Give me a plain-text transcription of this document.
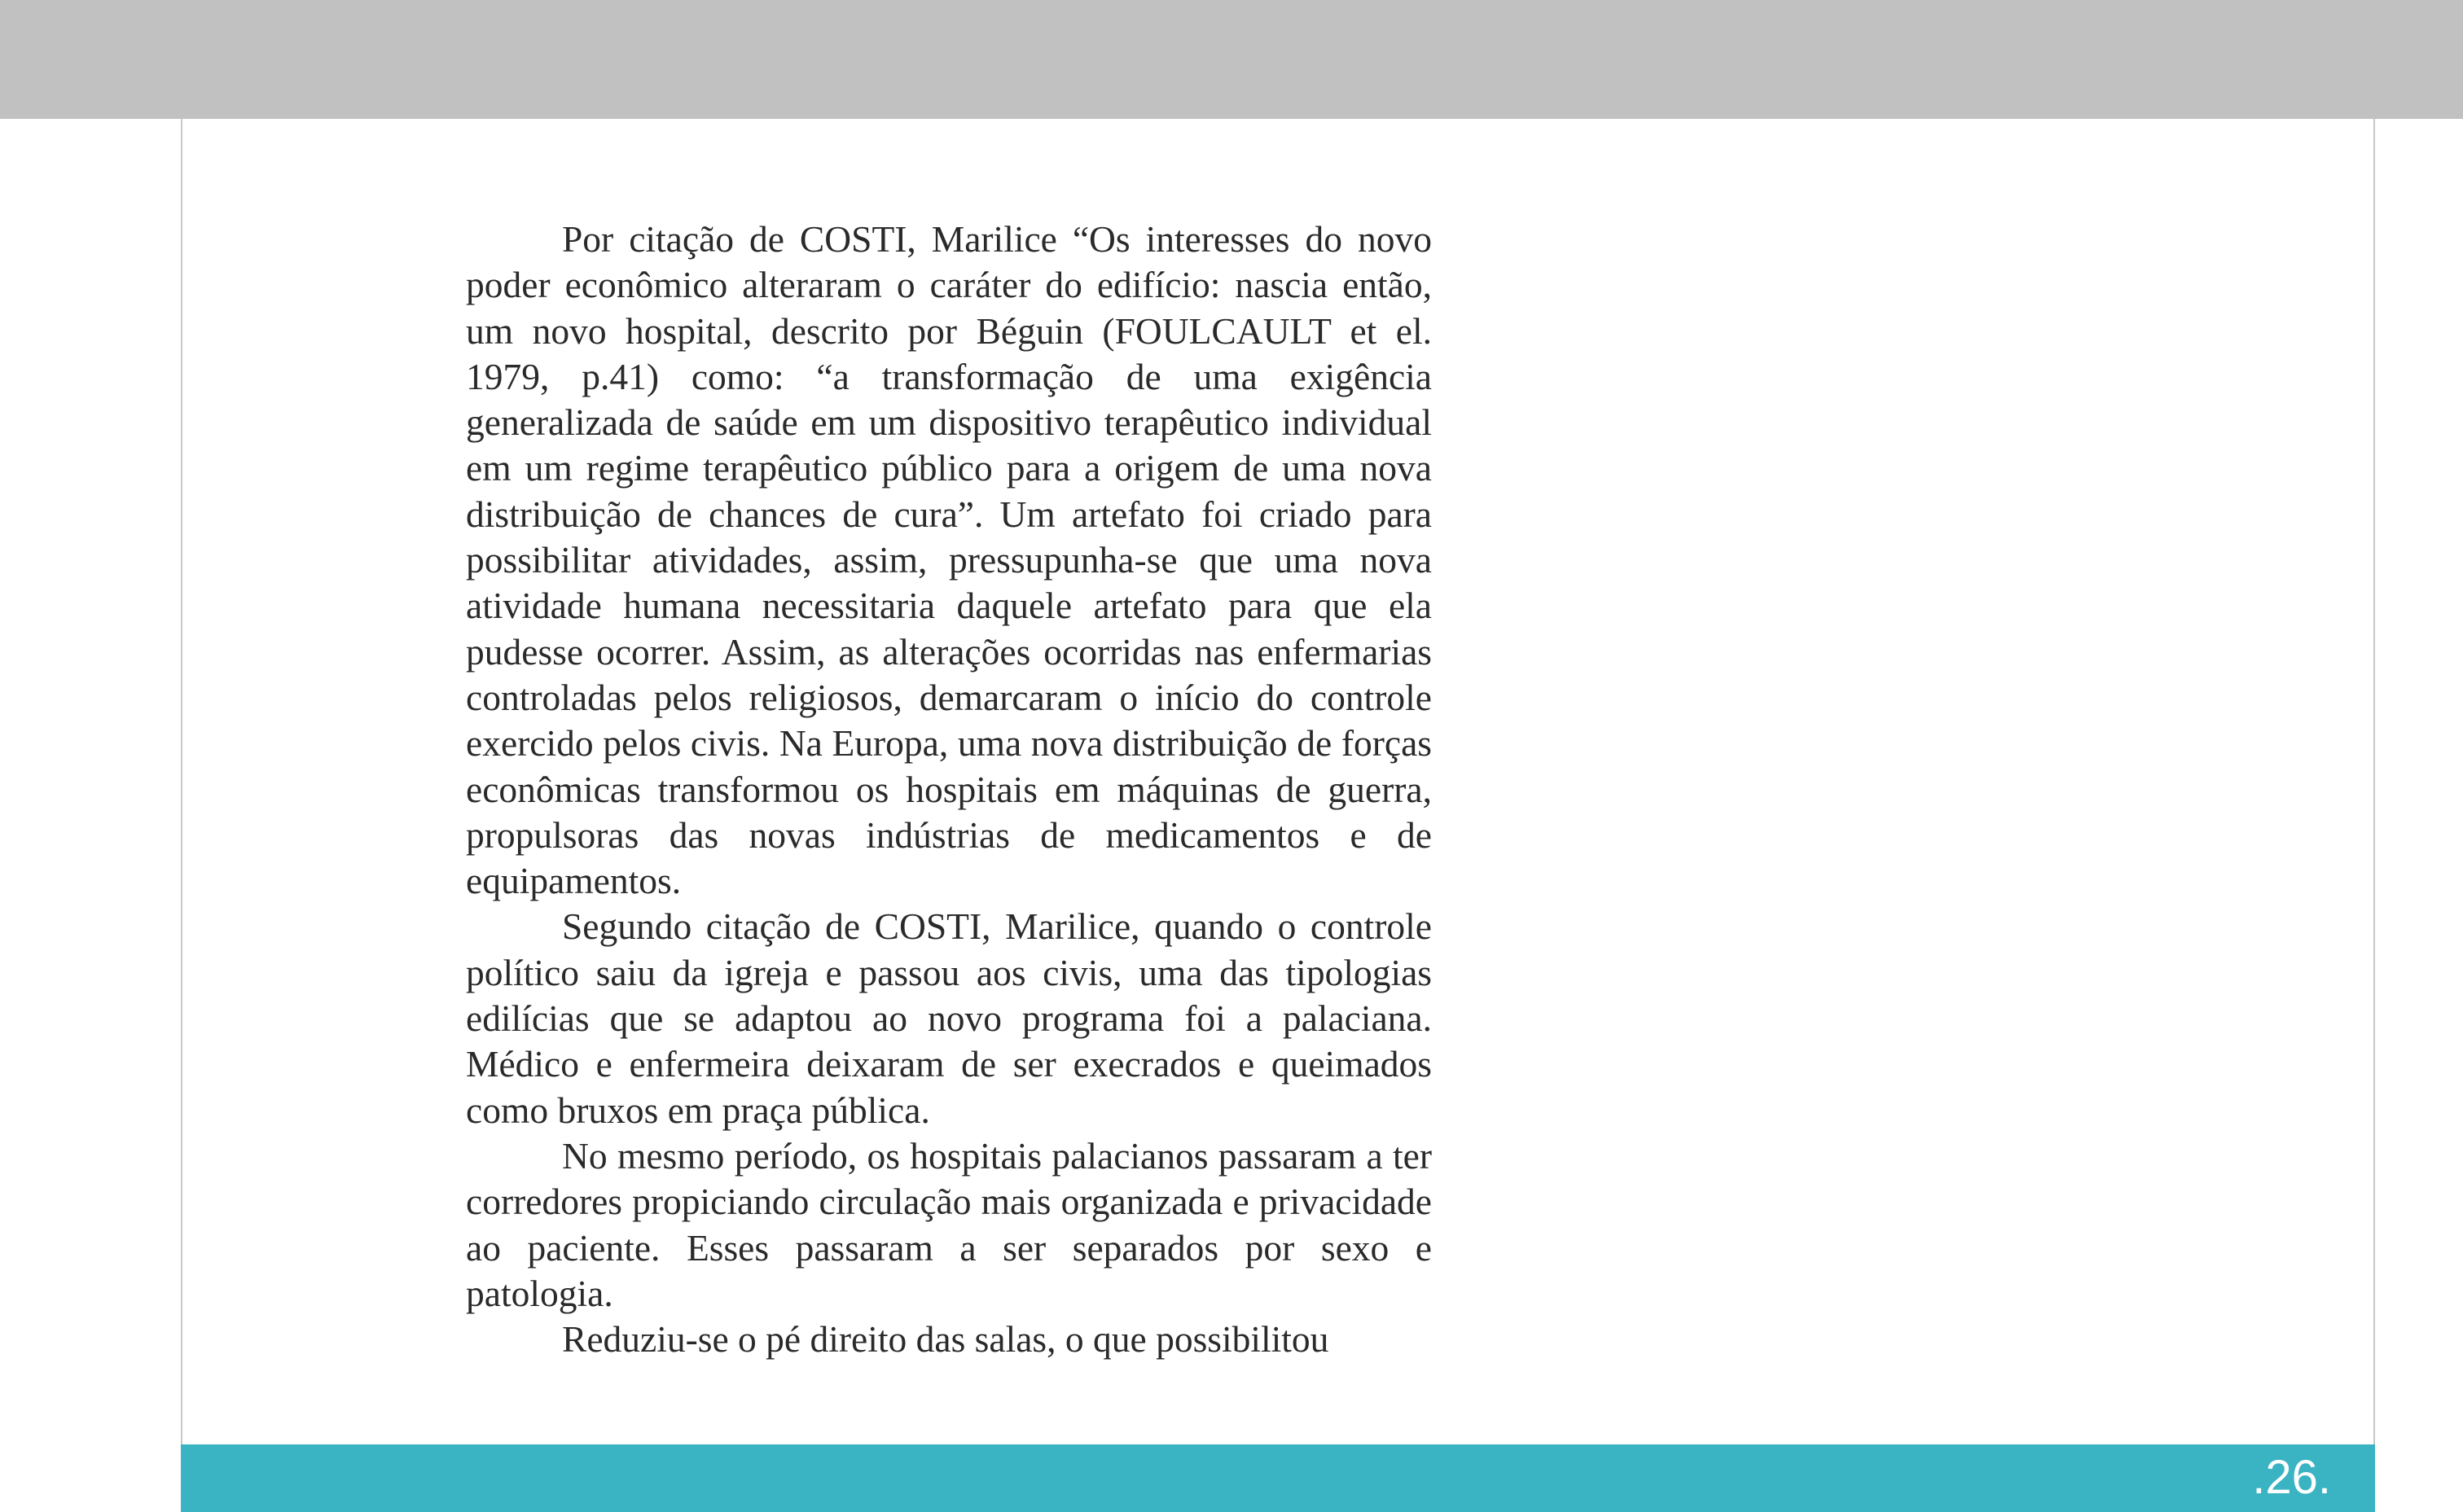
Por citação de COSTI, Marilice “Os interesses do novo poder econômico alteraram o caráter do edifício: nascia então, um novo hospital, descrito por Béguin (FOULCAULT et el. 1979, p.41) como: “a transformação de uma exigência generalizada de saúde em um dispositivo terapêutico individual em um regime terapêutico público para a origem de uma nova distribuição de chances de cura”. Um artefato foi criado para possibilitar atividades, assim, pressupunha-se que uma nova atividade humana necessitaria daquele artefato para que ela pudesse ocorrer. Assim, as alterações ocorridas nas enfermarias controladas pelos religiosos, demarcaram o início do controle exercido pelos civis. Na Europa, uma nova distribuição de forças econômicas transformou os hospitais em máquinas de guerra, propulsoras das novas indústrias de medicamentos e de equipamentos.

Segundo citação de COSTI, Marilice, quando o controle político saiu da igreja e passou aos civis, uma das tipologias edilícias que se adaptou ao novo programa foi a palaciana. Médico e enfermeira deixaram de ser execrados e queimados como bruxos em praça pública.

No mesmo período, os hospitais palacianos passaram a ter corredores propiciando circulação mais organizada e privacidade ao paciente. Esses passaram a ser separados por sexo e patologia.

Reduziu-se o pé direito das salas, o que possibilitou

.26.
